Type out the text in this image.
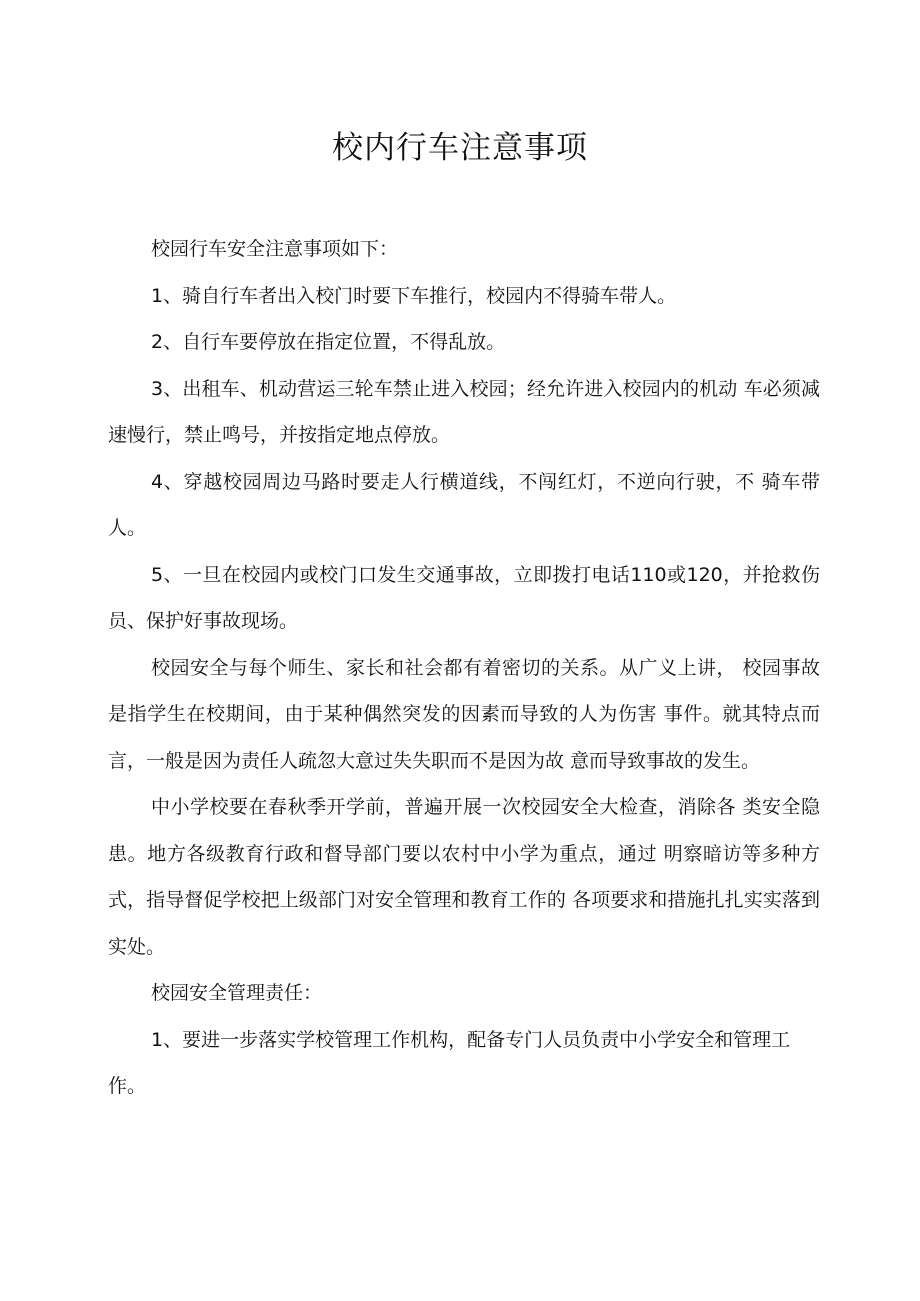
校内行车注意事项

校园行车安全注意事项如下：

1、骑自行车者出入校门时要下车推行，校园内不得骑车带人。

2、自行车要停放在指定位置，不得乱放。

3、出租车、机动营运三轮车禁止进入校园；经允许进入校园内的机动 车必须减速慢行，禁止鸣号，并按指定地点停放。

4、穿越校园周边马路时要走人行横道线，不闯红灯，不逆向行驶，不 骑车带人。

5、一旦在校园内或校门口发生交通事故，立即拨打电话110或120，并抢救伤员、保护好事故现场。

校园安全与每个师生、家长和社会都有着密切的关系。从广义上讲， 校园事故是指学生在校期间，由于某种偶然突发的因素而导致的人为伤害 事件。就其特点而言，一般是因为责任人疏忽大意过失失职而不是因为故 意而导致事故的发生。

中小学校要在春秋季开学前，普遍开展一次校园安全大检查，消除各 类安全隐患。地方各级教育行政和督导部门要以农村中小学为重点，通过 明察暗访等多种方式，指导督促学校把上级部门对安全管理和教育工作的 各项要求和措施扎扎实实落到实处。

校园安全管理责任：

1、要进一步落实学校管理工作机构，配备专门人员负责中小学安全和管理工作。
